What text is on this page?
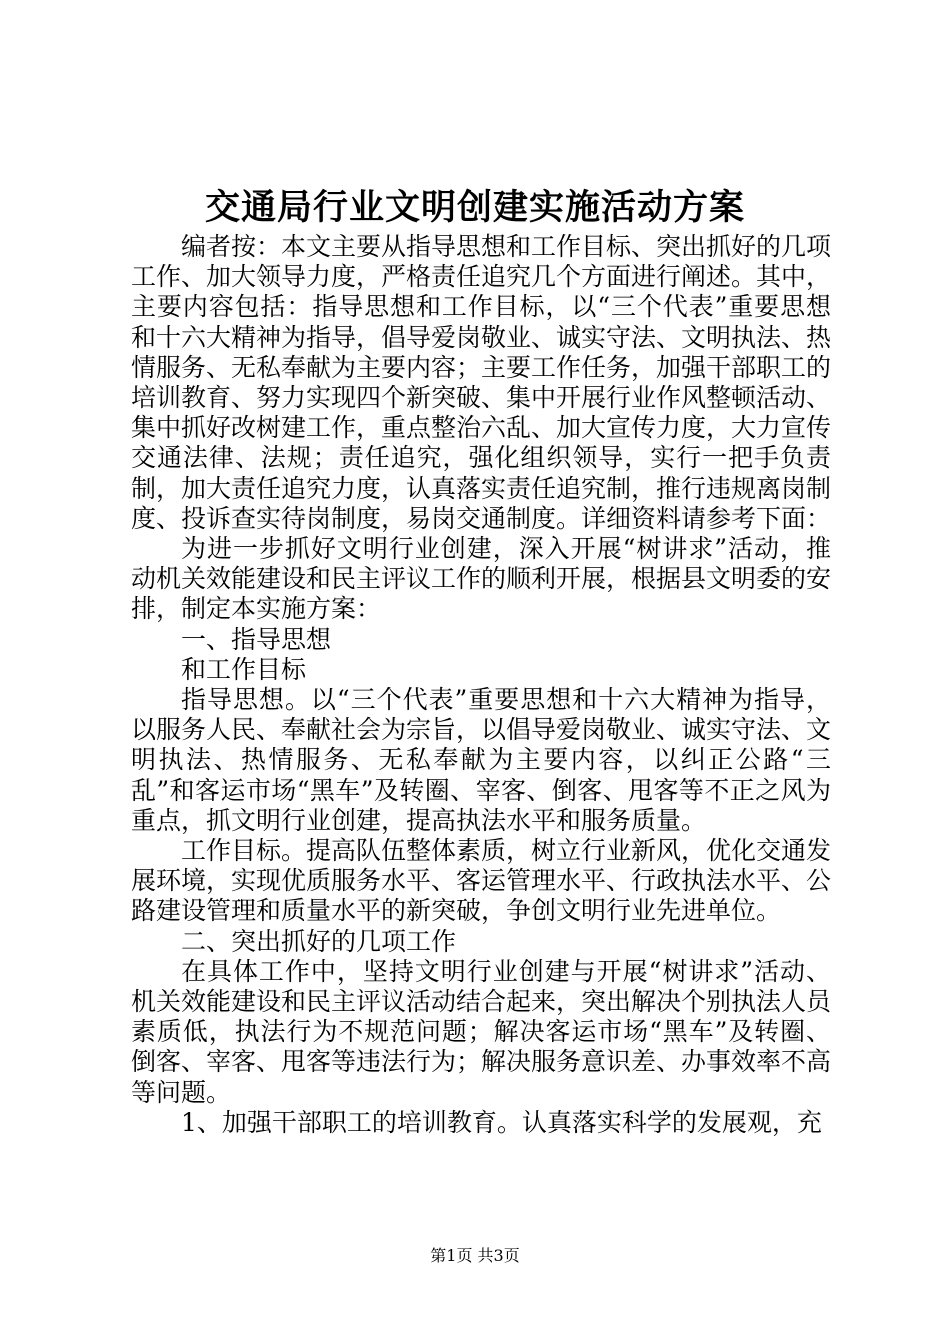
交通局行业文明创建实施活动方案

编者按：本文主要从指导思想和工作目标、突出抓好的几项工作、加大领导力度，严格责任追究几个方面进行阐述。其中，主要内容包括：指导思想和工作目标，以“三个代表”重要思想和十六大精神为指导，倡导爱岗敬业、诚实守法、文明执法、热情服务、无私奉献为主要内容；主要工作任务，加强干部职工的培训教育、努力实现四个新突破、集中开展行业作风整顿活动、集中抓好改树建工作，重点整治六乱、加大宣传力度，大力宣传交通法律、法规；责任追究，强化组织领导，实行一把手负责制，加大责任追究力度，认真落实责任追究制，推行违规离岗制度、投诉查实待岗制度，易岗交通制度。详细资料请参考下面：

为进一步抓好文明行业创建，深入开展“树讲求”活动，推动机关效能建设和民主评议工作的顺利开展，根据县文明委的安排，制定本实施方案：

一、指导思想

和工作目标

指导思想。以“三个代表”重要思想和十六大精神为指导，以服务人民、奉献社会为宗旨，以倡导爱岗敬业、诚实守法、文明执法、热情服务、无私奉献为主要内容，以纠正公路“三乱”和客运市场“黑车”及转圈、宰客、倒客、甩客等不正之风为重点，抓文明行业创建，提高执法水平和服务质量。

工作目标。提高队伍整体素质，树立行业新风，优化交通发展环境，实现优质服务水平、客运管理水平、行政执法水平、公路建设管理和质量水平的新突破，争创文明行业先进单位。

二、突出抓好的几项工作

在具体工作中，坚持文明行业创建与开展“树讲求”活动、机关效能建设和民主评议活动结合起来，突出解决个别执法人员素质低，执法行为不规范问题；解决客运市场“黑车”及转圈、倒客、宰客、甩客等违法行为；解决服务意识差、办事效率不高等问题。

1、加强干部职工的培训教育。认真落实科学的发展观，充

第1页 共3页
